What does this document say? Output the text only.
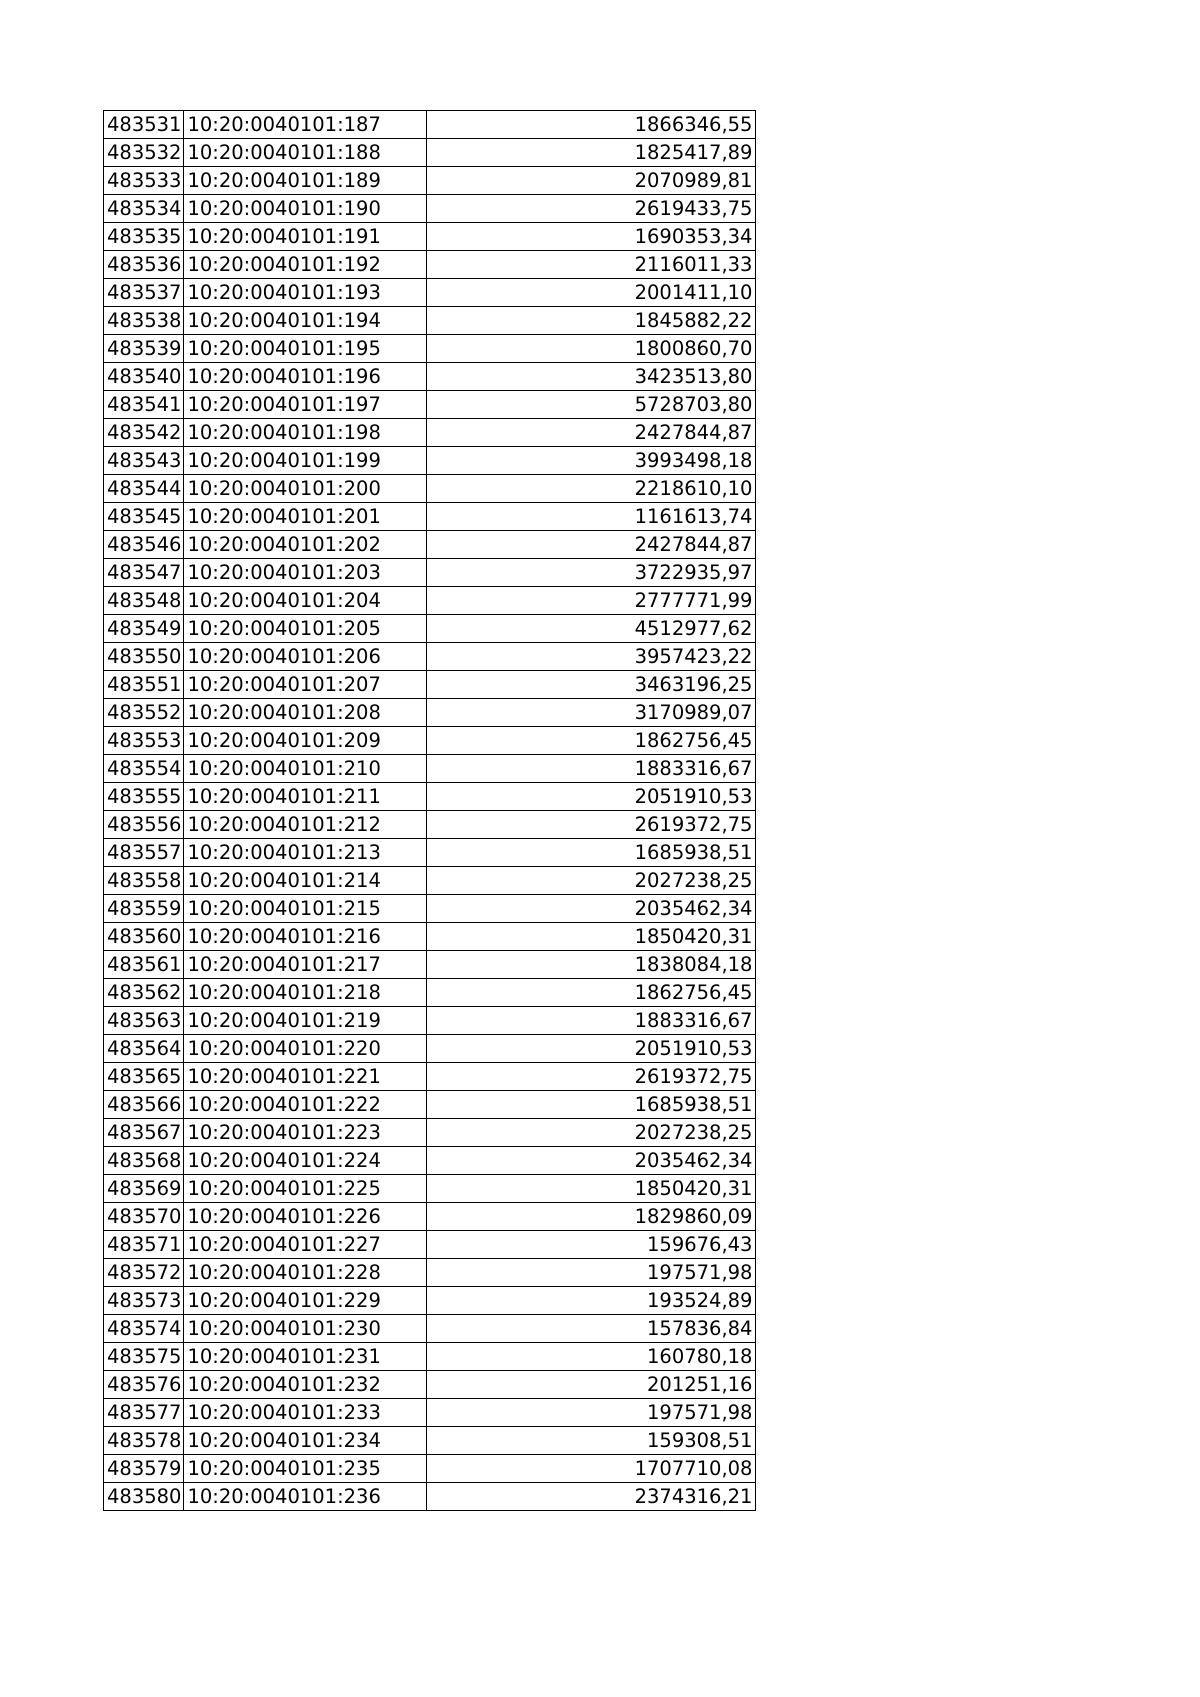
483531	10:20:0040101:187	1866346,55
483532	10:20:0040101:188	1825417,89
483533	10:20:0040101:189	2070989,81
483534	10:20:0040101:190	2619433,75
483535	10:20:0040101:191	1690353,34
483536	10:20:0040101:192	2116011,33
483537	10:20:0040101:193	2001411,10
483538	10:20:0040101:194	1845882,22
483539	10:20:0040101:195	1800860,70
483540	10:20:0040101:196	3423513,80
483541	10:20:0040101:197	5728703,80
483542	10:20:0040101:198	2427844,87
483543	10:20:0040101:199	3993498,18
483544	10:20:0040101:200	2218610,10
483545	10:20:0040101:201	1161613,74
483546	10:20:0040101:202	2427844,87
483547	10:20:0040101:203	3722935,97
483548	10:20:0040101:204	2777771,99
483549	10:20:0040101:205	4512977,62
483550	10:20:0040101:206	3957423,22
483551	10:20:0040101:207	3463196,25
483552	10:20:0040101:208	3170989,07
483553	10:20:0040101:209	1862756,45
483554	10:20:0040101:210	1883316,67
483555	10:20:0040101:211	2051910,53
483556	10:20:0040101:212	2619372,75
483557	10:20:0040101:213	1685938,51
483558	10:20:0040101:214	2027238,25
483559	10:20:0040101:215	2035462,34
483560	10:20:0040101:216	1850420,31
483561	10:20:0040101:217	1838084,18
483562	10:20:0040101:218	1862756,45
483563	10:20:0040101:219	1883316,67
483564	10:20:0040101:220	2051910,53
483565	10:20:0040101:221	2619372,75
483566	10:20:0040101:222	1685938,51
483567	10:20:0040101:223	2027238,25
483568	10:20:0040101:224	2035462,34
483569	10:20:0040101:225	1850420,31
483570	10:20:0040101:226	1829860,09
483571	10:20:0040101:227	159676,43
483572	10:20:0040101:228	197571,98
483573	10:20:0040101:229	193524,89
483574	10:20:0040101:230	157836,84
483575	10:20:0040101:231	160780,18
483576	10:20:0040101:232	201251,16
483577	10:20:0040101:233	197571,98
483578	10:20:0040101:234	159308,51
483579	10:20:0040101:235	1707710,08
483580	10:20:0040101:236	2374316,21
